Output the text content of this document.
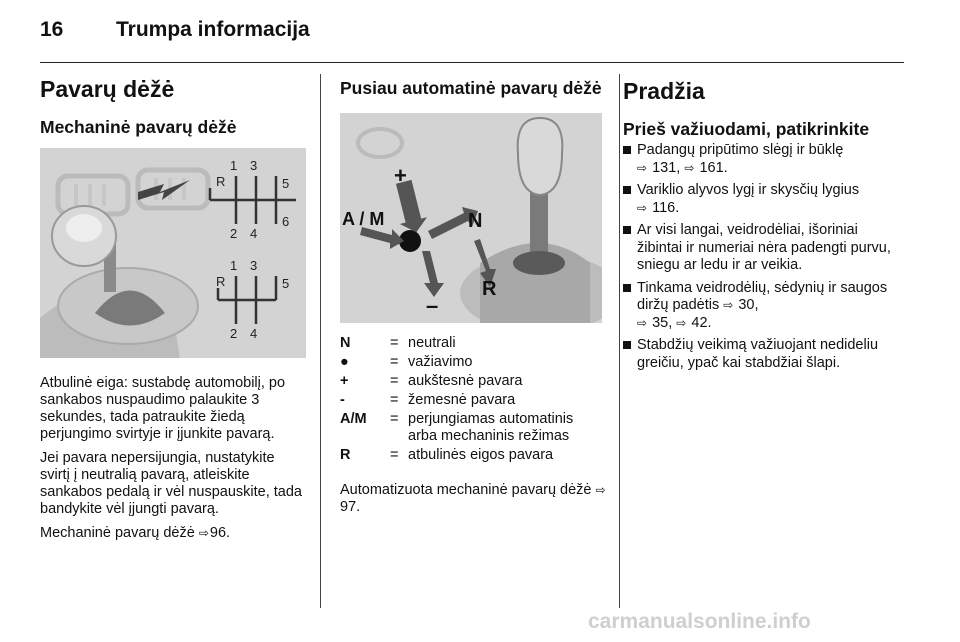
16	Trumpa informacija
Pavarų dėžė
Mechaninė pavarų dėžė
1 3
5
R
2 4
6
1 3
5
R
2 4

Atbulinė eiga: sustabdę automobilį, po sankabos nuspaudimo palaukite 3 sekundes, tada patraukite žiedą perjungimo svirtyje ir įjunkite pavarą.

Jei pavara nepersijungia, nustatykite svirtį į neutralią pavarą, atleiskite sankabos pedalą ir vėl nuspauskite, tada bandykite vėl įjungti pavarą.

Mechaninė pavarų dėžė ⇨96.

Pusiau automatinė pavarų dėžė
+
A / M	N
–
R
N	=	neutrali
●	=	važiavimo
+	=	aukštesnė pavara
-	=	žemesnė pavara
A/M	=	perjungiamas automatinis arba mechaninis režimas
R	=	atbulinės eigos pavara

Automatizuota mechaninė pavarų dėžė ⇨97.

Pradžia
Prieš važiuodami, patikrinkite
Padangų pripūtimo slėgį ir būklę
⇨ 131, ⇨ 161.
Variklio alyvos lygį ir skysčių lygius
⇨ 116.
Ar visi langai, veidrodėliai, išoriniai žibintai ir numeriai nėra padengti purvu, sniegu ar ledu ir ar veikia.
Tinkama veidrodėlių, sėdynių ir saugos diržų padėtis ⇨ 30,
⇨ 35, ⇨ 42.
Stabdžių veikimą važiuojant nedideliu greičiu, ypač kai stabdžiai šlapi.
carmanualsonline.info
